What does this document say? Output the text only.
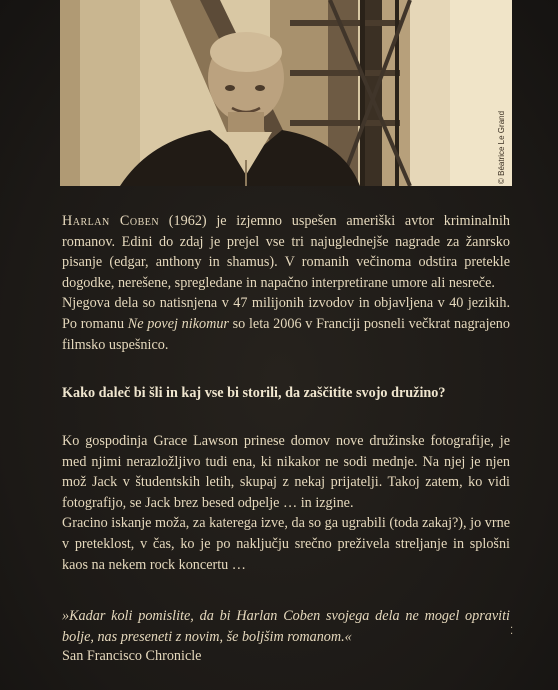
© Béatrice Le Grand

Harlan Coben (1962) je izjemno uspešen ameriški avtor kriminalnih romanov. Edini do zdaj je prejel vse tri najuglednejše nagrade za žanrsko pisanje (edgar, anthony in shamus). V romanih večinoma odstira preteklе dogodke, nerešene, spregledane in napačno interpretirane umore ali nesreče.

Njegova dela so natisnjena v 47 milijonih izvodov in objavljena v 40 jezikih. Po romanu Ne povej nikomur so leta 2006 v Franciji posneli večkrat nagrajeno filmsko uspešnico.

Kako daleč bi šli in kaj vse bi storili, da zaščitite svojo družino?

Ko gospodinja Grace Lawson prinese domov nove družinske fotografije, je med njimi nerazložljivo tudi ena, ki nikakor ne sodi mednje. Na njej je njen mož Jack v študentskih letih, skupaj z nekaj prijatelji. Takoj zatem, ko vidi fotografijo, se Jack brez besed odpelje … in izgine.

Gracino iskanje moža, za katerega izve, da so ga ugrabili (toda zakaj?), jo vrne v preteklost, v čas, ko je po naključju srečno preživela streljanje in splošni kaos na nekem rock koncertu …

»Kadar koli pomislite, da bi Harlan Coben svojega dela ne mogel opraviti bolje, nas preseneti z novim, še boljšim romanom.«
San Francisco Chronicle
⁚
